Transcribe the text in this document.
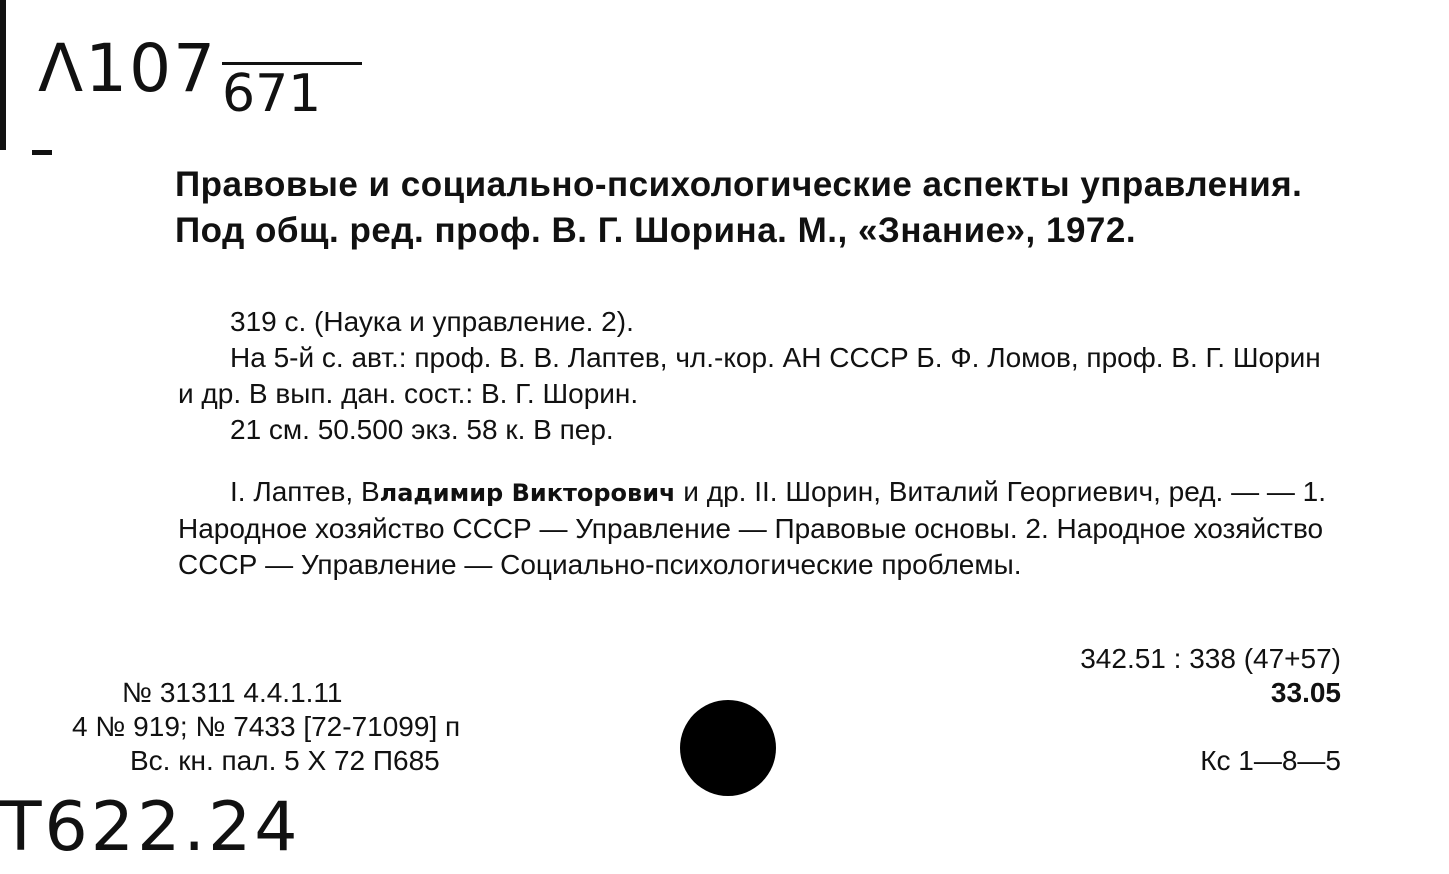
Λ107 671
Правовые и социально-психологические аспекты управления. Под общ. ред. проф. В. Г. Шорина. М., «Знание», 1972.
319 с. (Наука и управление. 2).
На 5-й с. авт.: проф. В. В. Лаптев, чл.-кор. АН СССР Б. Ф. Ломов, проф. В. Г. Шорин и др. В вып. дан. сост.: В. Г. Шорин.
21 см. 50.500 экз. 58 к. В пер.
I. Лаптев, Владимир Викторович и др. II. Шорин, Виталий Георгиевич, ред. — — 1. Народное хозяйство СССР — Управление — Правовые основы. 2. Народное хозяйство СССР — Управление — Социально-психологические проблемы.
№ 31311 4.4.1.11
4 № 919; № 7433 [72-71099] п
Вс. кн. пал. 5 X 72 П685
342.51 : 338 (47+57)
33.05
Кс 1—8—5
Т622.24
